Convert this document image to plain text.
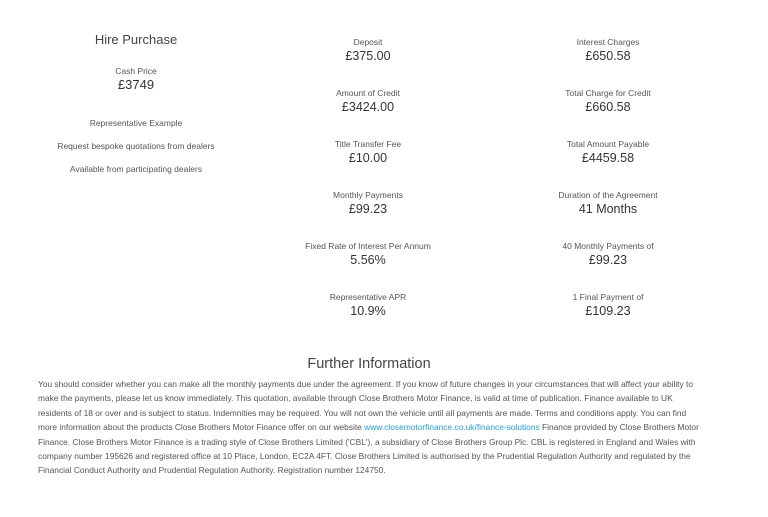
Hire Purchase
Cash Price
£3749
Representative Example
Request bespoke quotations from dealers
Available from participating dealers
Deposit
£375.00
Amount of Credit
£3424.00
Title Transfer Fee
£10.00
Monthly Payments
£99.23
Fixed Rate of Interest Per Annum
5.56%
Representative APR
10.9%
Interest Charges
£650.58
Total Charge for Credit
£660.58
Total Amount Payable
£4459.58
Duration of the Agreement
41 Months
40 Monthly Payments of
£99.23
1 Final Payment of
£109.23
Further Information
You should consider whether you can make all the monthly payments due under the agreement. If you know of future changes in your circumstances that will affect your ability to make the payments, please let us know immediately. This quotation, available through Close Brothers Motor Finance, is valid at time of publication. Finance available to UK residents of 18 or over and is subject to status. Indemnities may be required. You will not own the vehicle until all payments are made. Terms and conditions apply. You can find more information about the products Close Brothers Motor Finance offer on our website www.closemotorfinance.co.uk/finance-solutions Finance provided by Close Brothers Motor Finance. Close Brothers Motor Finance is a trading style of Close Brothers Limited ('CBL'), a subsidiary of Close Brothers Group Plc. CBL is registered in England and Wales with company number 195626 and registered office at 10 Place, London, EC2A 4FT. Close Brothers Limited is authorised by the Prudential Regulation Authority and regulated by the Financial Conduct Authority and Prudential Regulation Authority. Registration number 124750.
